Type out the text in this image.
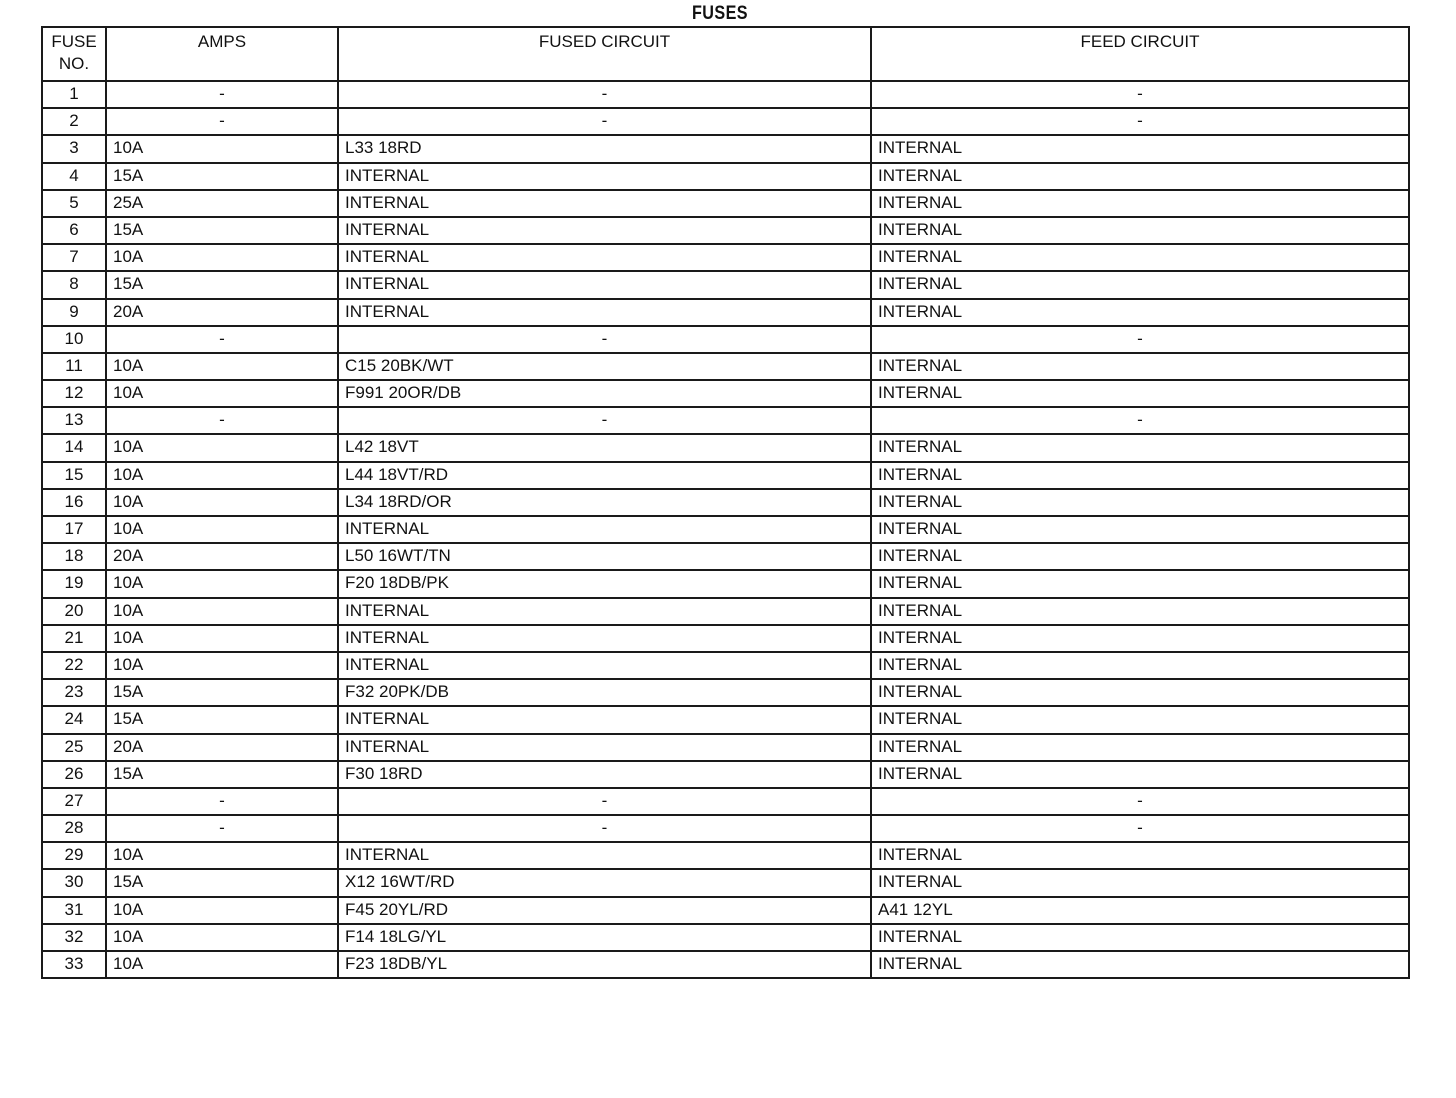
FUSES
FUSE
NO.	AMPS	FUSED CIRCUIT	FEED CIRCUIT
1	-	-	-
2	-	-	-
3	10A	L33 18RD	INTERNAL
4	15A	INTERNAL	INTERNAL
5	25A	INTERNAL	INTERNAL
6	15A	INTERNAL	INTERNAL
7	10A	INTERNAL	INTERNAL
8	15A	INTERNAL	INTERNAL
9	20A	INTERNAL	INTERNAL
10	-	-	-
11	10A	C15 20BK/WT	INTERNAL
12	10A	F991 20OR/DB	INTERNAL
13	-	-	-
14	10A	L42 18VT	INTERNAL
15	10A	L44 18VT/RD	INTERNAL
16	10A	L34 18RD/OR	INTERNAL
17	10A	INTERNAL	INTERNAL
18	20A	L50 16WT/TN	INTERNAL
19	10A	F20 18DB/PK	INTERNAL
20	10A	INTERNAL	INTERNAL
21	10A	INTERNAL	INTERNAL
22	10A	INTERNAL	INTERNAL
23	15A	F32 20PK/DB	INTERNAL
24	15A	INTERNAL	INTERNAL
25	20A	INTERNAL	INTERNAL
26	15A	F30 18RD	INTERNAL
27	-	-	-
28	-	-	-
29	10A	INTERNAL	INTERNAL
30	15A	X12 16WT/RD	INTERNAL
31	10A	F45 20YL/RD	A41 12YL
32	10A	F14 18LG/YL	INTERNAL
33	10A	F23 18DB/YL	INTERNAL
